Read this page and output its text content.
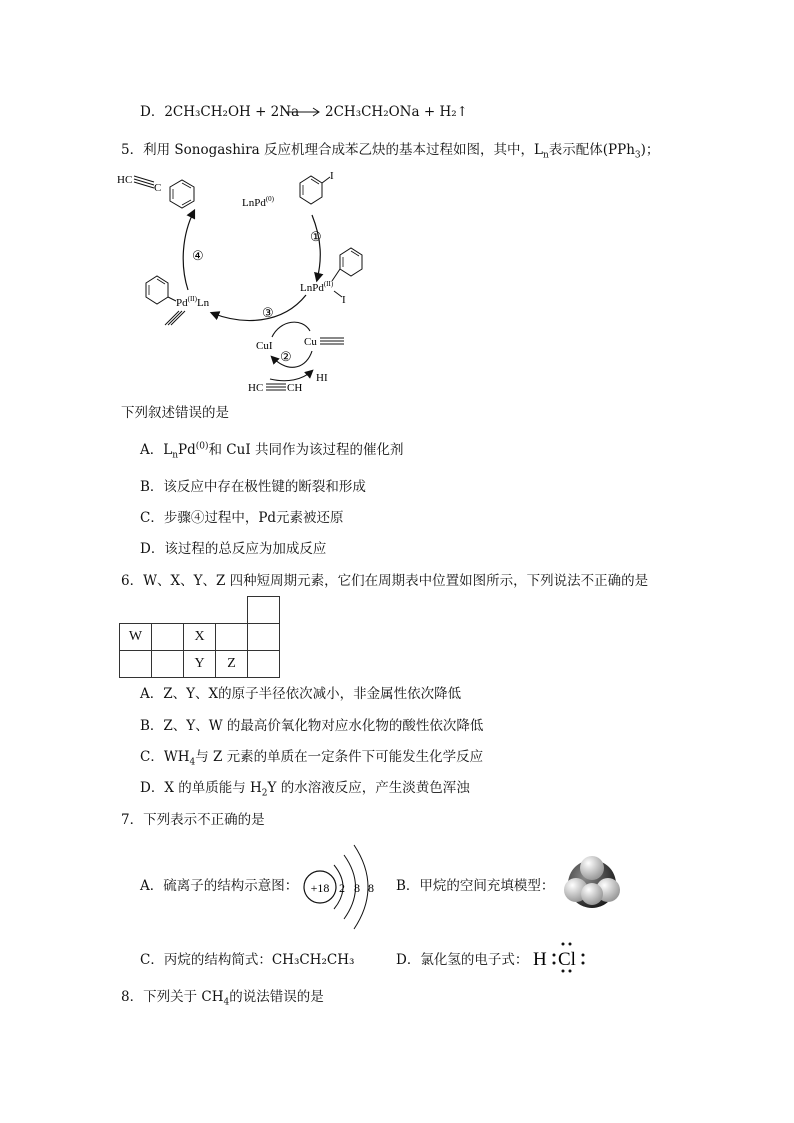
D．2CH₃CH₂OH + 2Na → 2CH₃CH₂ONa + H₂↑
5．利用 Sonogashira 反应机理合成苯乙炔的基本过程如图，其中，$L_n$表示配体(PPh$_3$)；
①
④
③
②
HC
C
LnPd$^{(0)}$
I
LnPd$^{(II)}$
I
$Pd^{(II)}Ln$
CuI	Cu
HI
HC CH
下列叙述错误的是
A．$L_nPd^{(0)}$和 CuI 共同作为该过程的催化剂
B．该反应中存在极性键的断裂和形成
C．步骤④过程中，Pd元素被还原
D．该过程的总反应为加成反应
6．W、X、Y、Z 四种短周期元素，它们在周期表中位置如图所示，下列说法不正确的是

W		X		
		Y	Z	
A．Z、Y、X的原子半径依次减小，非金属性依次降低
B．Z、Y、W 的最高价氧化物对应水化物的酸性依次降低
C．$WH_4$与 Z 元素的单质在一定条件下可能发生化学反应
D．X 的单质能与 $H_2Y$ 的水溶液反应，产生淡黄色浑浊
7．下列表示不正确的是
A．硫离子的结构示意图： +18 2 8 8 B．甲烷的空间充填模型：
C．丙烷的结构简式：CH₃CH₂CH₃	D．氯化氢的电子式： H Cl
8．下列关于 $CH_4$的说法错误的是
